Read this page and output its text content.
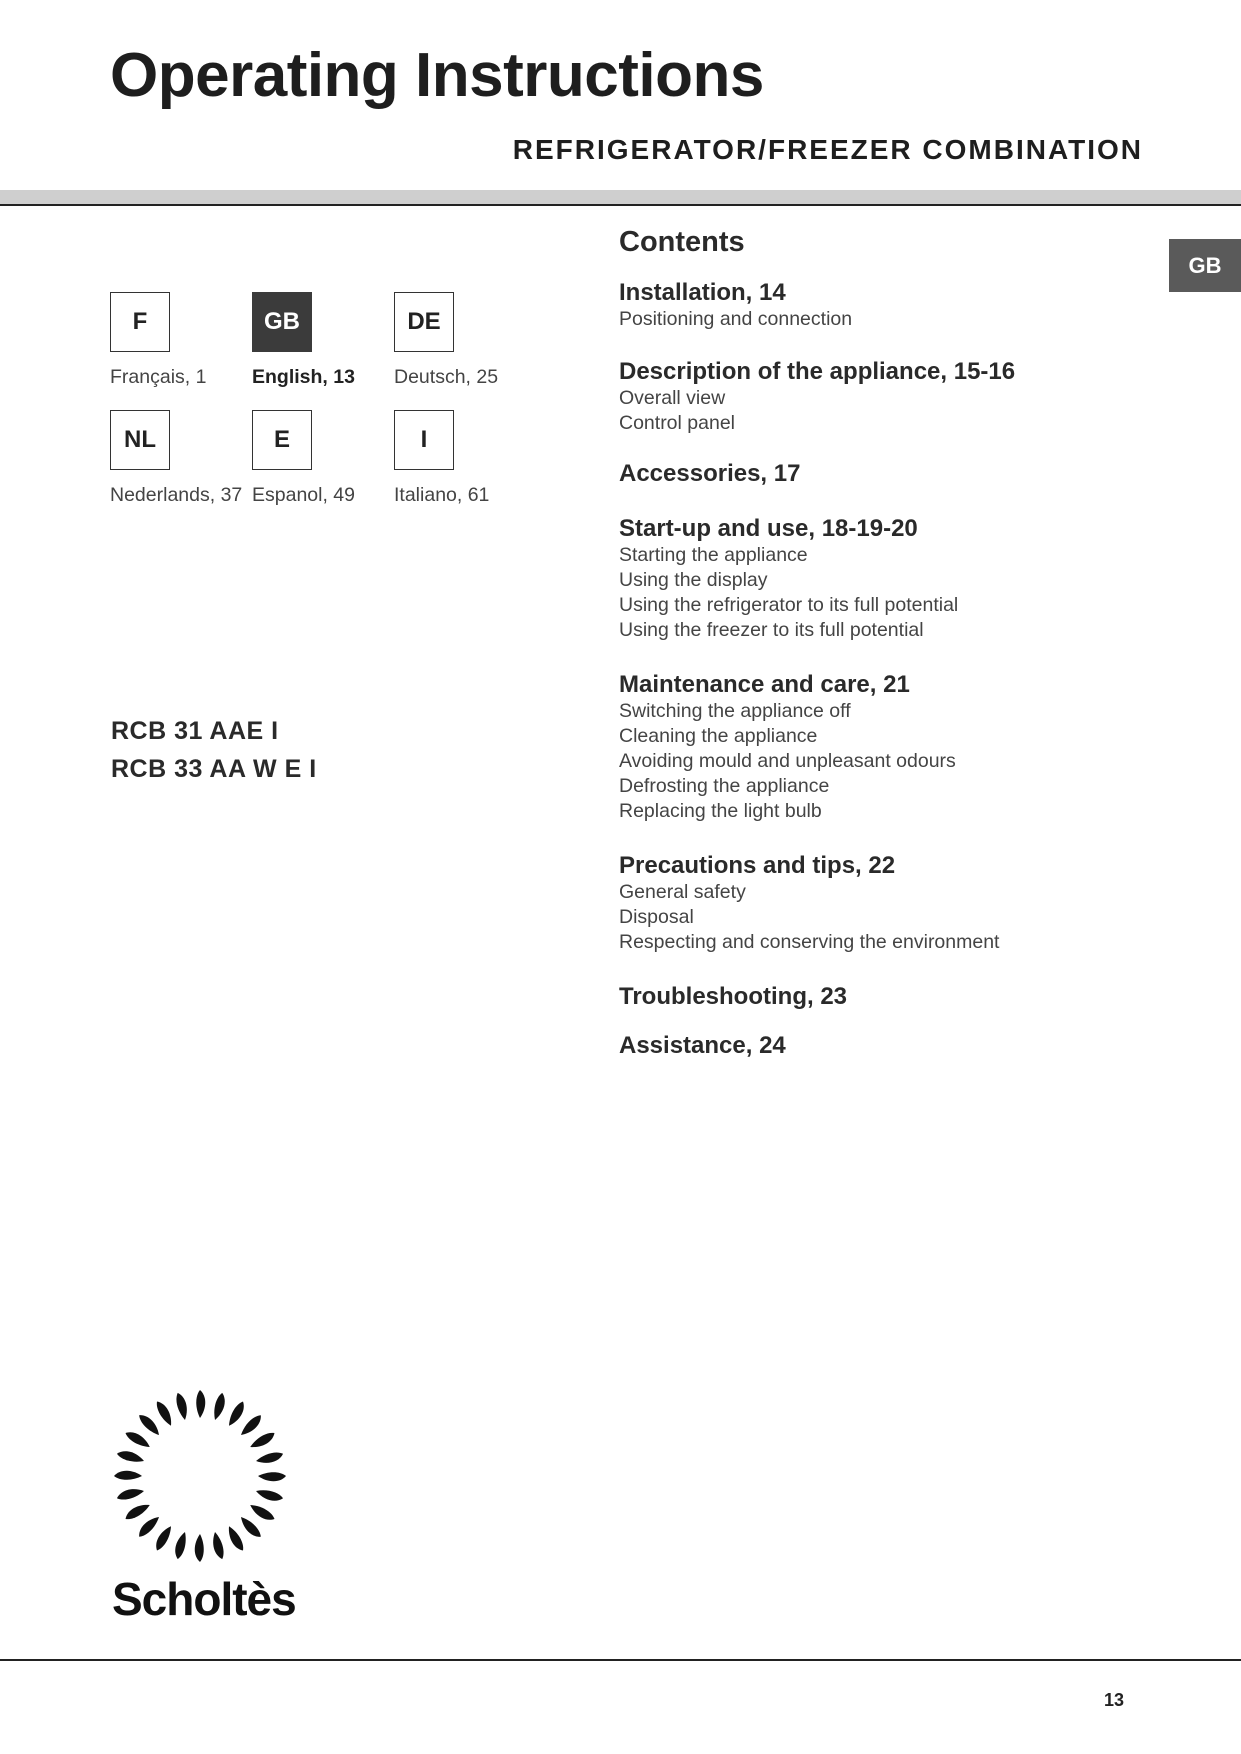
Operating Instructions
REFRIGERATOR/FREEZER COMBINATION
GB
F
Français, 1
GB
English, 13
DE
Deutsch, 25
NL
Nederlands, 37
E
Espanol, 49
I
Italiano, 61
RCB 31 AAE I
RCB 33 AA W E I
Contents
Installation, 14
Positioning and connection
Description of the appliance, 15-16
Overall view
Control panel
Accessories, 17
Start-up and use, 18-19-20
Starting the appliance
Using the display
Using the refrigerator to its full potential
Using the freezer to its full potential
Maintenance and care, 21
Switching the appliance off
Cleaning the appliance
Avoiding mould and unpleasant odours
Defrosting the appliance
Replacing the light bulb
Precautions and tips, 22
General safety
Disposal
Respecting and conserving the environment
Troubleshooting, 23
Assistance, 24
Scholtès
13
